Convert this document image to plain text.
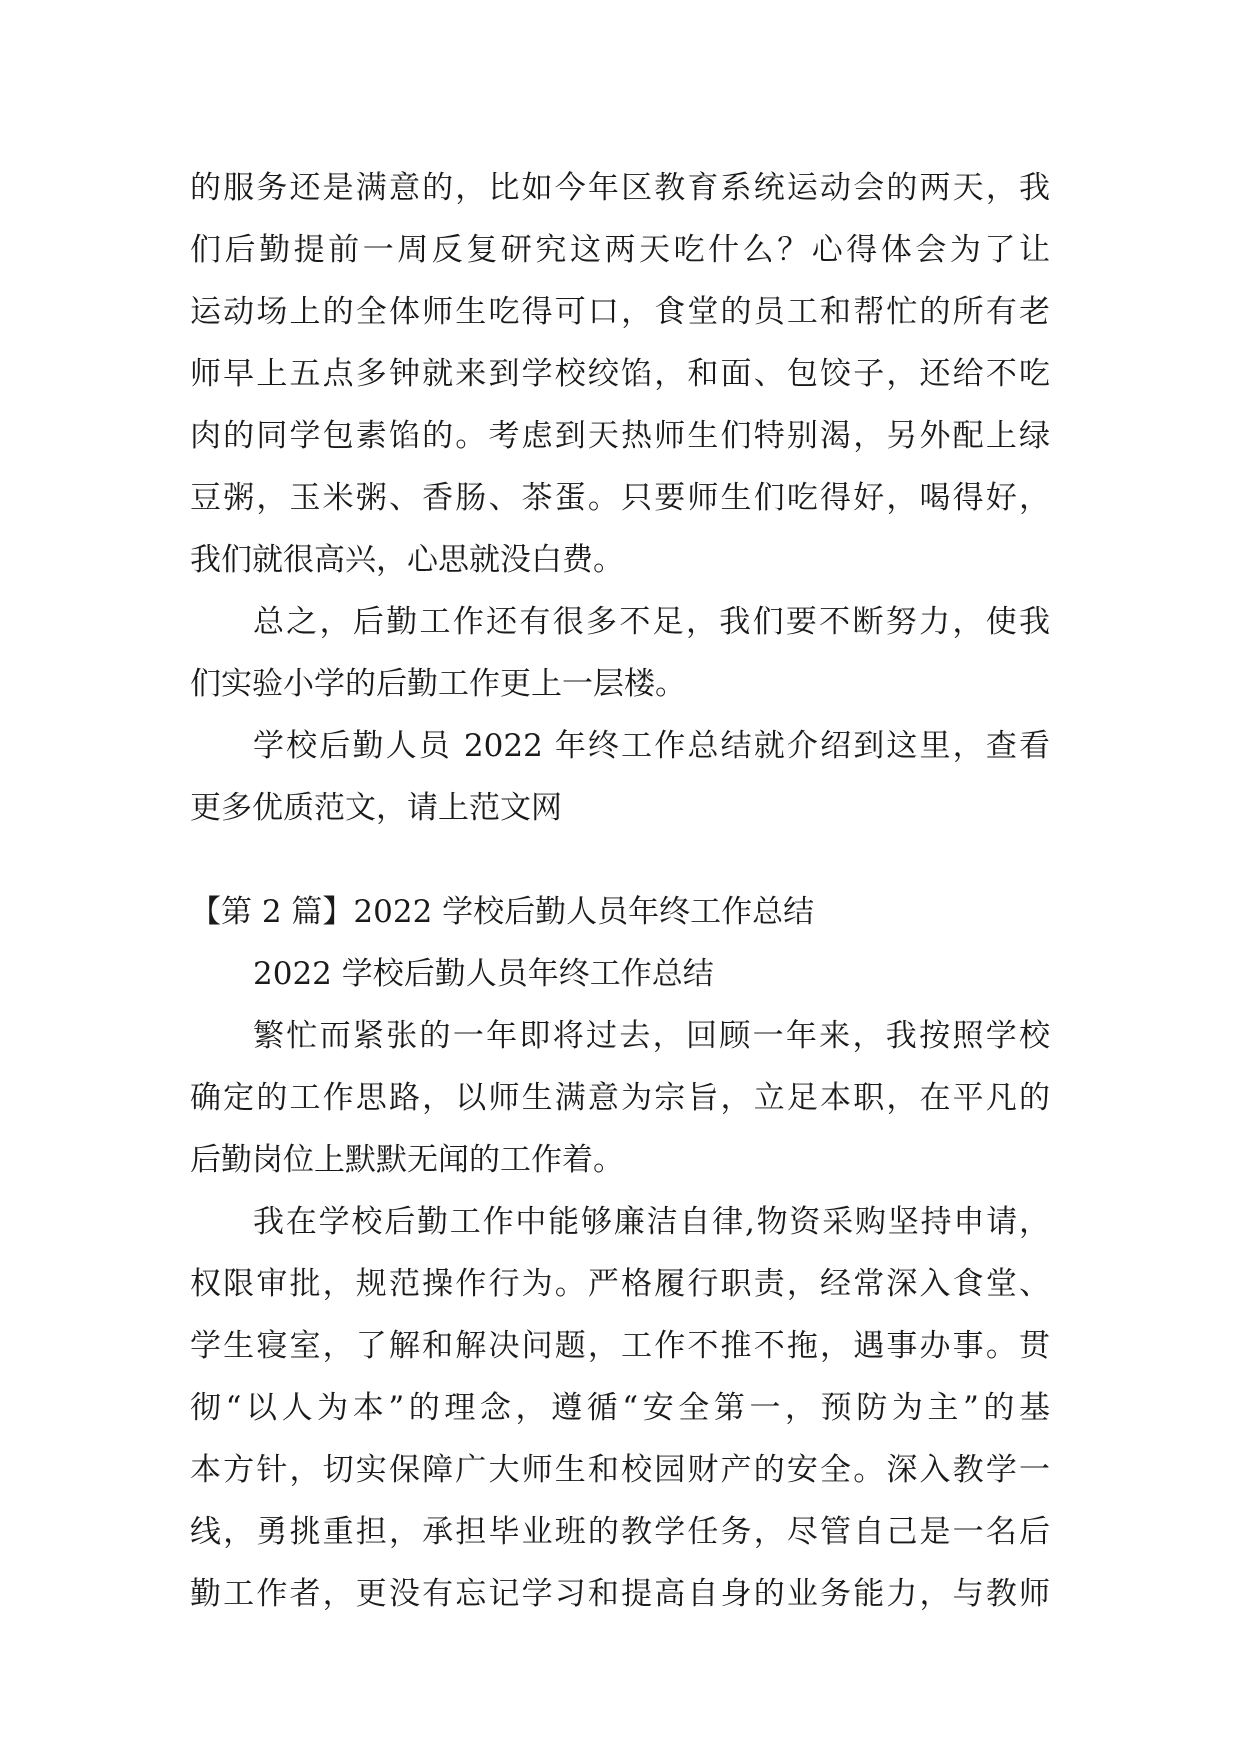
的服务还是满意的，比如今年区教育系统运动会的两天，我
们后勤提前一周反复研究这两天吃什么？心得体会为了让
运动场上的全体师生吃得可口，食堂的员工和帮忙的所有老
师早上五点多钟就来到学校绞馅，和面、包饺子，还给不吃
肉的同学包素馅的。考虑到天热师生们特别渴，另外配上绿
豆粥，玉米粥、香肠、茶蛋。只要师生们吃得好，喝得好，
我们就很高兴，心思就没白费。
总之，后勤工作还有很多不足，我们要不断努力，使我
们实验小学的后勤工作更上一层楼。
学校后勤人员 2022 年终工作总结就介绍到这里，查看
更多优质范文，请上范文网
【第 2 篇】2022 学校后勤人员年终工作总结
2022 学校后勤人员年终工作总结
繁忙而紧张的一年即将过去，回顾一年来，我按照学校
确定的工作思路，以师生满意为宗旨，立足本职，在平凡的
后勤岗位上默默无闻的工作着。
我在学校后勤工作中能够廉洁自律,物资采购坚持申请，
权限审批，规范操作行为。严格履行职责，经常深入食堂、
学生寝室，了解和解决问题，工作不推不拖，遇事办事。贯
彻“以人为本”的理念，遵循“安全第一，预防为主”的基
本方针，切实保障广大师生和校园财产的安全。深入教学一
线，勇挑重担，承担毕业班的教学任务，尽管自己是一名后
勤工作者，更没有忘记学习和提高自身的业务能力，与教师
